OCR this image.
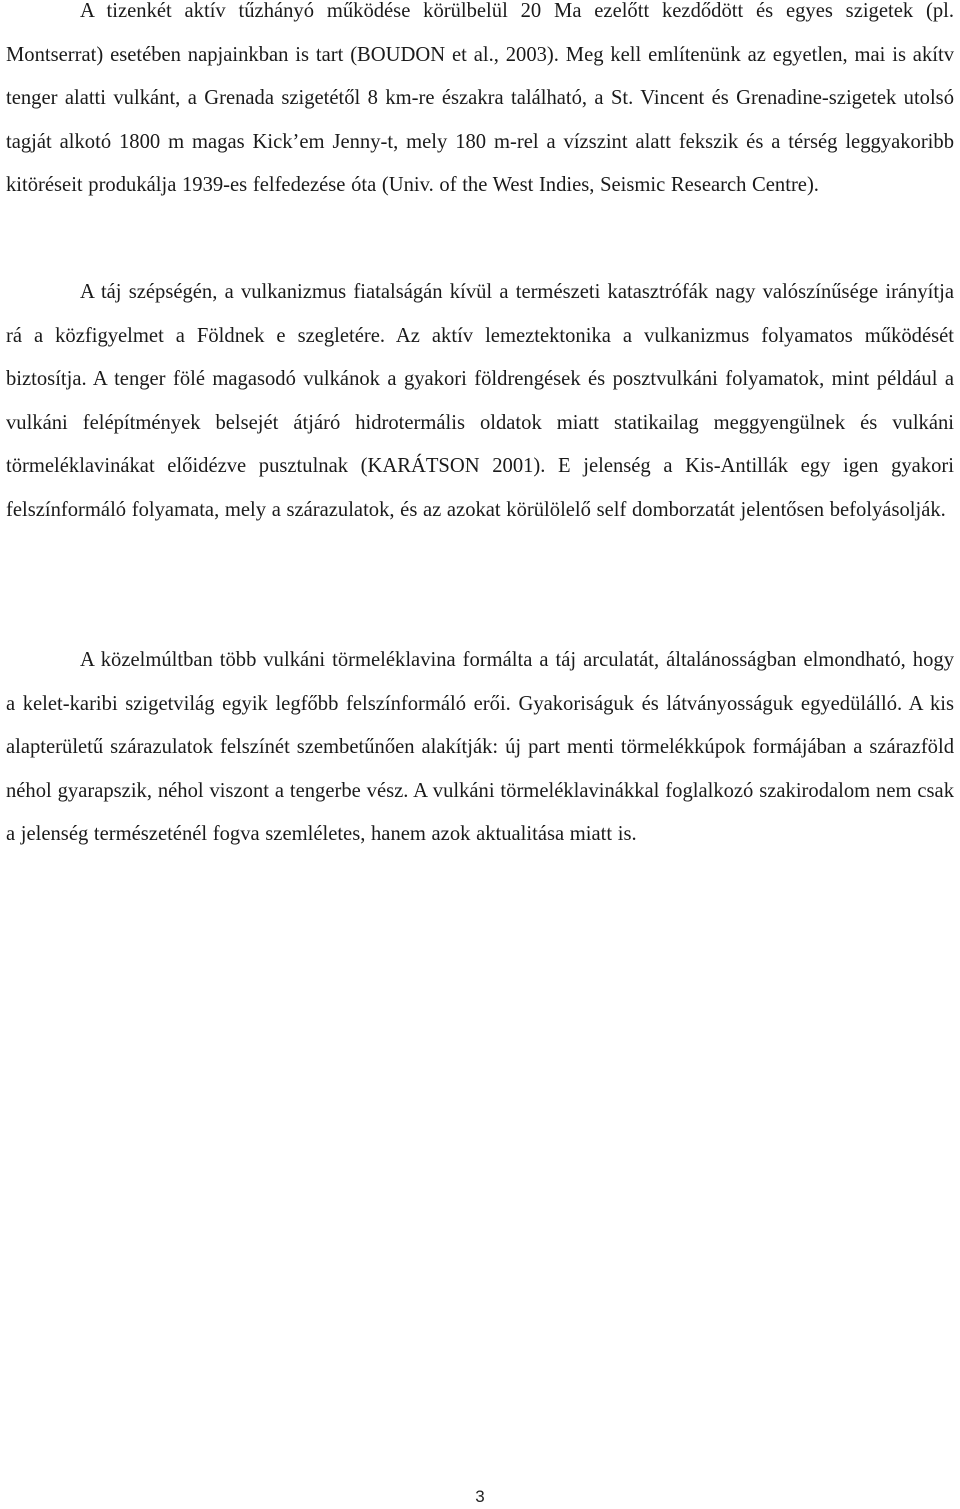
A tizenkét aktív tűzhányó működése körülbelül 20 Ma ezelőtt kezdődött és egyes szigetek (pl. Montserrat) esetében napjainkban is tart (BOUDON et al., 2003). Meg kell említenünk az egyetlen, mai is akítv tenger alatti vulkánt, a Grenada szigetétől 8 km-re északra található, a St. Vincent és Grenadine-szigetek utolsó tagját alkotó 1800 m magas Kick’em Jenny-t, mely 180 m-rel a vízszint alatt fekszik és a térség leggyakoribb kitöréseit produkálja 1939-es felfedezése óta (Univ. of the West Indies, Seismic Research Centre).

A táj szépségén, a vulkanizmus fiatalságán kívül a természeti katasztrófák nagy valószínűsége irányítja rá a közfigyelmet a Földnek e szegletére. Az aktív lemeztektonika a vulkanizmus folyamatos működését biztosítja. A tenger fölé magasodó vulkánok a gyakori földrengések és posztvulkáni folyamatok, mint például a vulkáni felépítmények belsejét átjáró hidrotermális oldatok miatt statikailag meggyengülnek és vulkáni törmeléklavinákat előidézve pusztulnak (KARÁTSON 2001). E jelenség a Kis-Antillák egy igen gyakori felszínformáló folyamata, mely a szárazulatok, és az azokat körülölelő self domborzatát jelentősen befolyásolják.

A közelmúltban több vulkáni törmeléklavina formálta a táj arculatát, általánosságban elmondható, hogy a kelet-karibi szigetvilág egyik legfőbb felszínformáló erői. Gyakoriságuk és látványosságuk egyedülálló. A kis alapterületű szárazulatok felszínét szembetűnően alakítják: új part menti törmelékkúpok formájában a szárazföld néhol gyarapszik, néhol viszont a tengerbe vész. A vulkáni törmeléklavinákkal foglalkozó szakirodalom nem csak a jelenség természeténél fogva szemléletes, hanem azok aktualitása miatt is.

3
